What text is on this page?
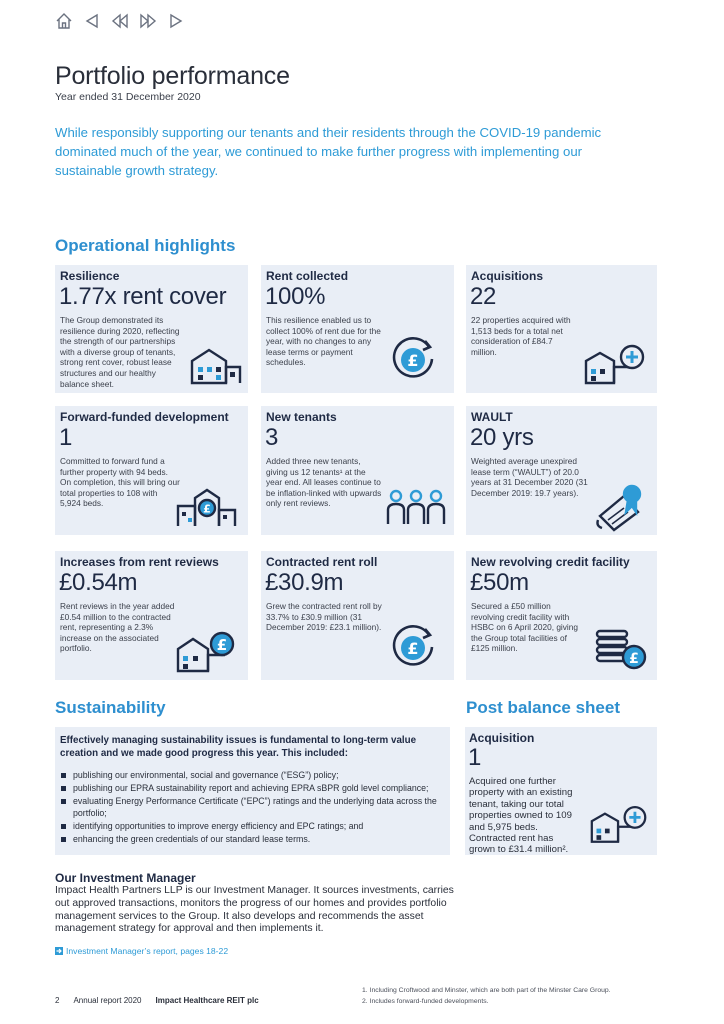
Portfolio performance
Year ended 31 December 2020
While responsibly supporting our tenants and their residents through the COVID-19 pandemic dominated much of the year, we continued to make further progress with implementing our sustainable growth strategy.
Operational highlights
Resilience
1.77x rent cover
The Group demonstrated its resilience during 2020, reflecting the strength of our partnerships with a diverse group of tenants, strong rent cover, robust lease structures and our healthy balance sheet.
Rent collected
100%
This resilience enabled us to collect 100% of rent due for the year, with no changes to any lease terms or payment schedules.	£
Acquisitions
22
22 properties acquired with 1,513 beds for a total net consideration of £84.7 million.
Forward-funded development
1
Committed to forward fund a further property with 94 beds. On completion, this will bring our total properties to 108 with 5,924 beds.	£
New tenants
3
Added three new tenants, giving us 12 tenants¹ at the year end. All leases continue to be inflation-linked with upwards only rent reviews.
WAULT
20 yrs
Weighted average unexpired lease term (“WAULT”) of 20.0 years at 31 December 2020 (31 December 2019: 19.7 years).
Increases from rent reviews
£0.54m
Rent reviews in the year added £0.54 million to the contracted rent, representing a 2.3% increase on the associated portfolio.	£
Contracted rent roll
£30.9m
Grew the contracted rent roll by 33.7% to £30.9 million (31 December 2019: £23.1 million).
£
New revolving credit facility
£50m
Secured a £50 million revolving credit facility with HSBC on 6 April 2020, giving the Group total facilities of £125 million.
£
Sustainability
Effectively managing sustainability issues is fundamental to long-term value creation and we made good progress this year. This included:
publishing our environmental, social and governance (“ESG”) policy;
publishing our EPRA sustainability report and achieving EPRA sBPR gold level compliance;
evaluating Energy Performance Certificate (“EPC”) ratings and the underlying data across the portfolio;
identifying opportunities to improve energy efficiency and EPC ratings; and
enhancing the green credentials of our standard lease terms.
Post balance sheet
Acquisition
1
Acquired one further property with an existing tenant, taking our total properties owned to 109 and 5,975 beds. Contracted rent has grown to £31.4 million².
Our Investment Manager
Impact Health Partners LLP is our Investment Manager. It sources investments, carries out approved transactions, monitors the progress of our homes and provides portfolio management services to the Group. It also develops and recommends the asset management strategy for approval and then implements it.
Investment Manager’s report, pages 18-22
1. Including Croftwood and Minster, which are both part of the Minster Care Group.
2. Includes forward-funded developments.
2 Annual report 2020 Impact Healthcare REIT plc
